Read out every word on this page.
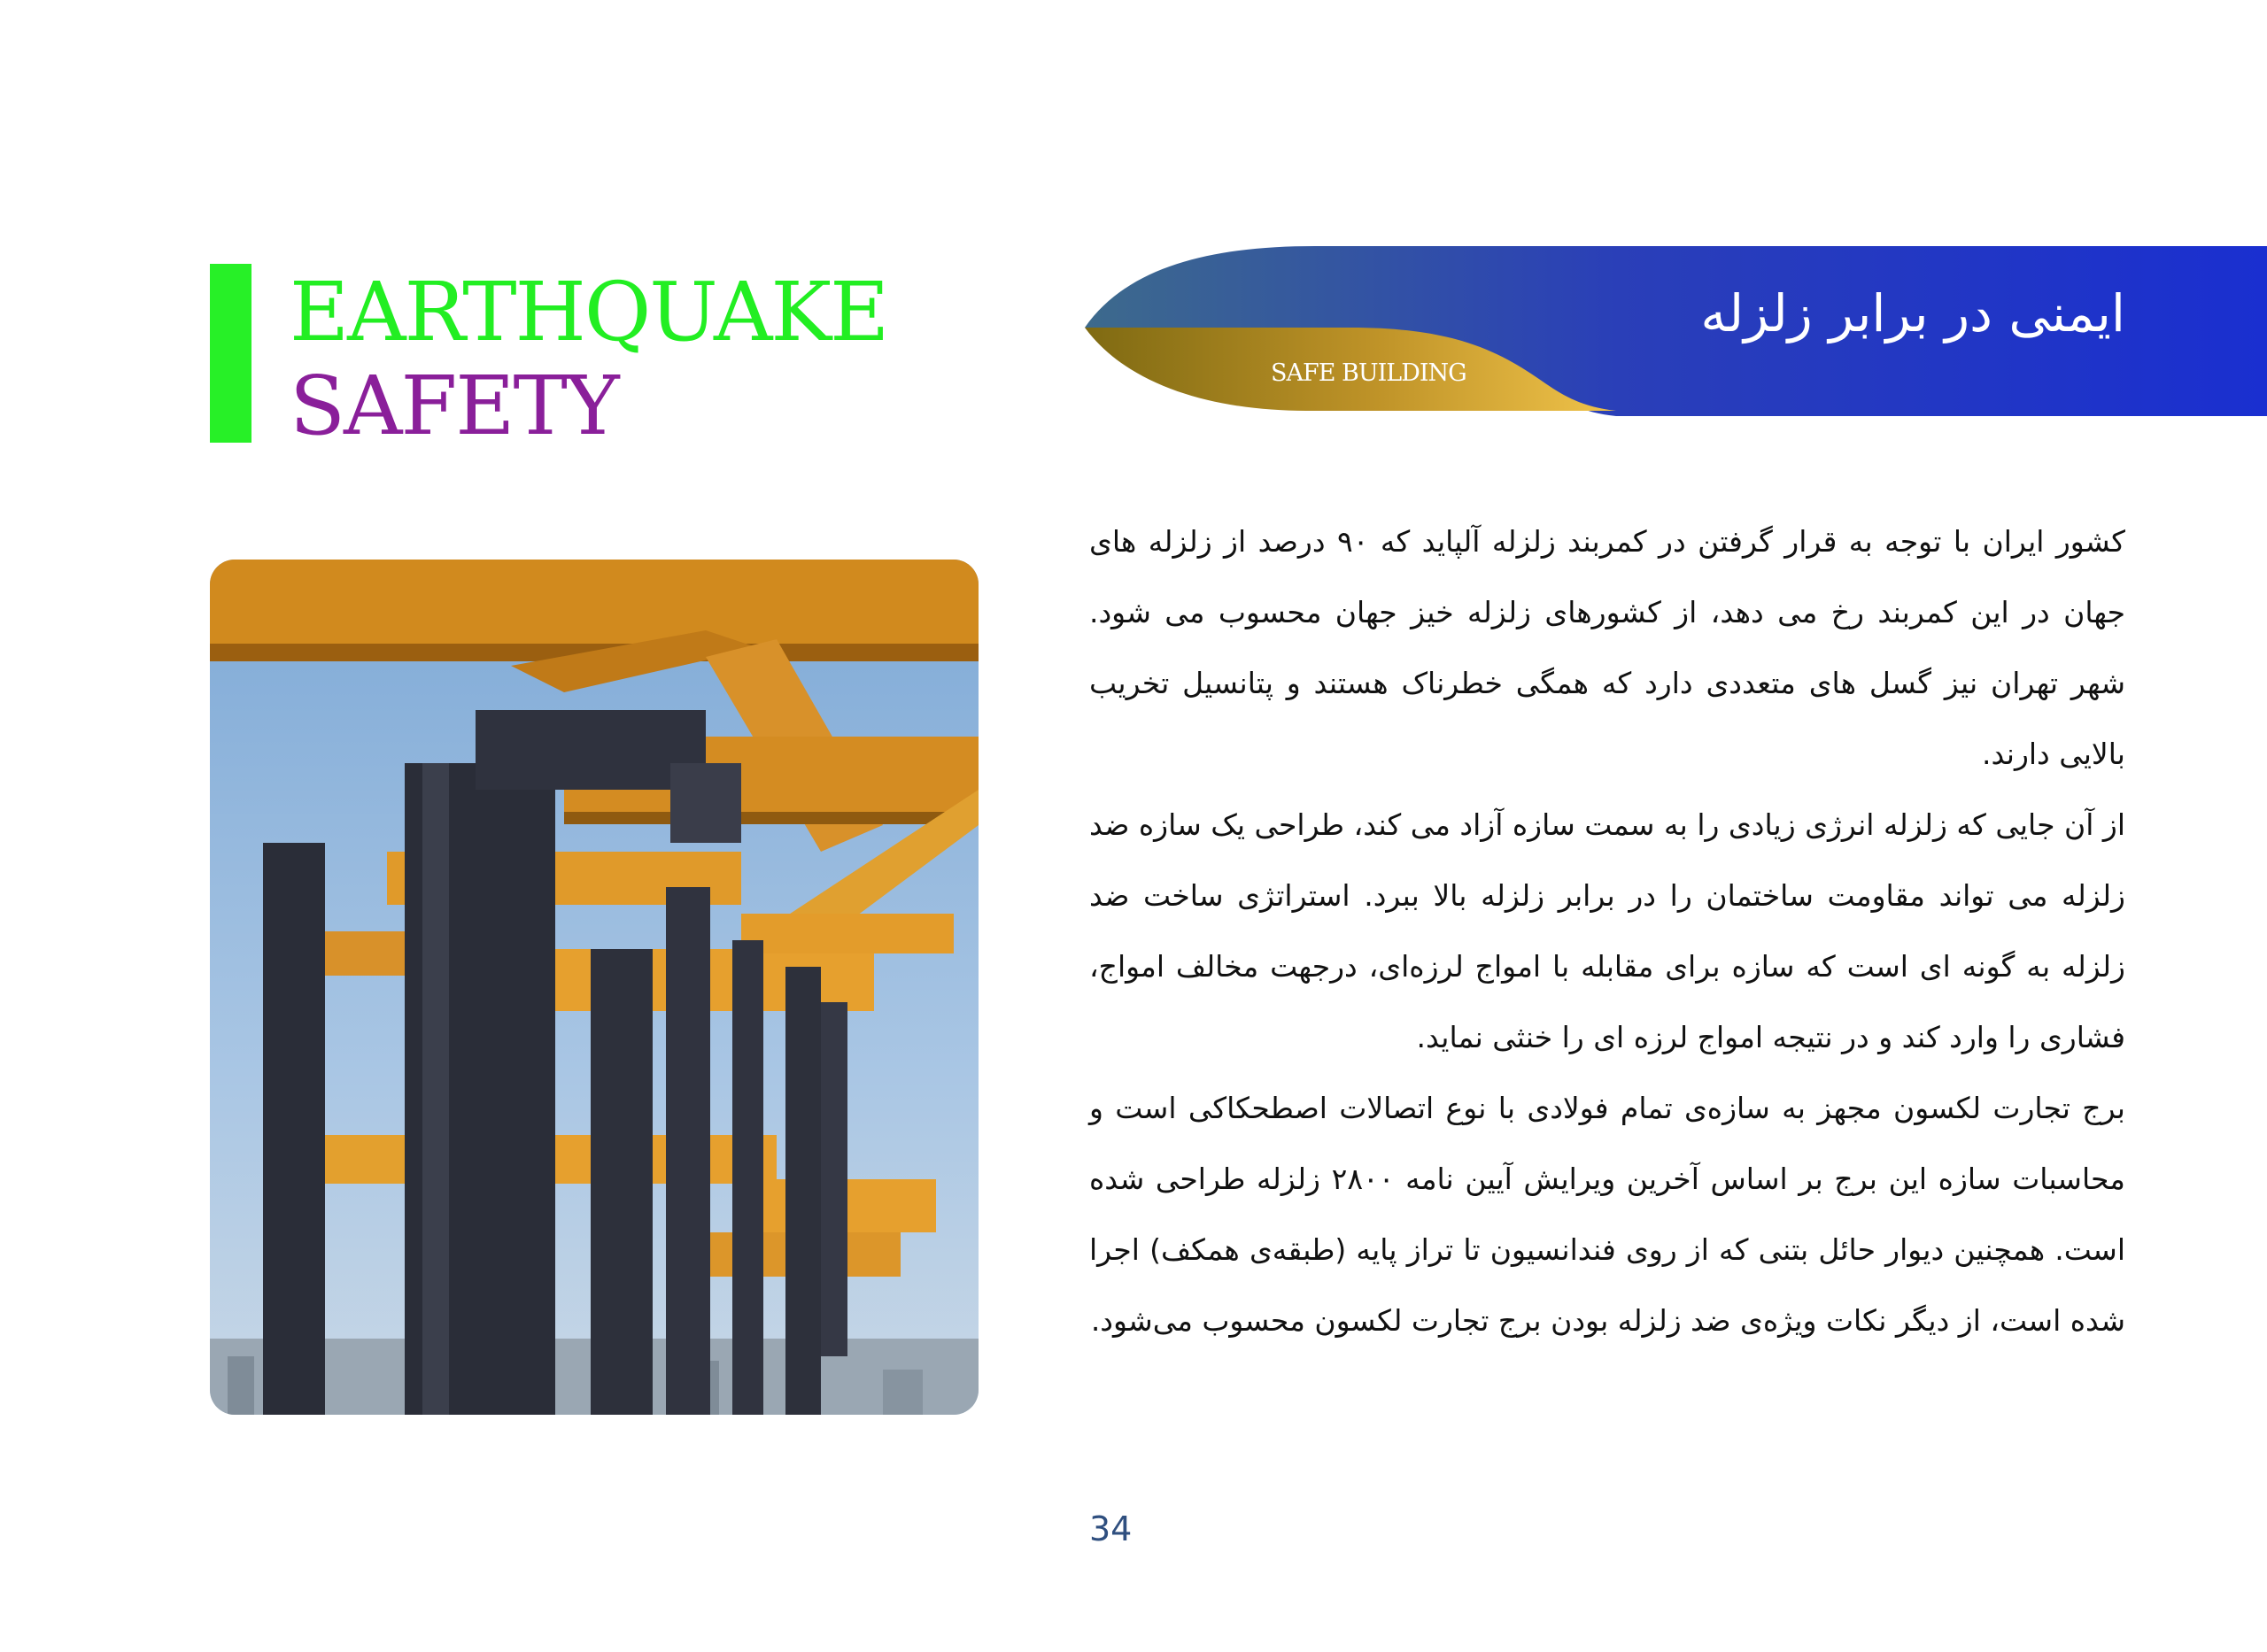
EARTHQUAKE
SAFETY
ایمنی در برابر زلزله
SAFE BUILDING

کشور ایران با توجه به قرار گرفتن در کمربند زلزله آلپاید که ۹۰ درصد از زلزله های جهان در این کمربند رخ می دهد، از کشورهای زلزله خیز جهان محسوب می شود. شهر تهران نیز گسل های متعددی دارد که همگی خطرناک هستند و پتانسیل تخریب بالایی دارند.

از آن جایی که زلزله انرژی زیادی را به سمت سازه آزاد می کند، طراحی یک سازه ضد زلزله می تواند مقاومت ساختمان را در برابر زلزله بالا ببرد. استراتژی ساخت ضد زلزله به گونه ای است که سازه برای مقابله با امواج لرزه‌ای، درجهت مخالف امواج، فشاری را وارد کند و در نتیجه امواج لرزه ای را خنثی نماید.

برج تجارت لکسون مجهز به سازه‌ی تمام فولادی با نوع اتصالات اصطحکاکی است و محاسبات سازه این برج بر اساس آخرین ویرایش آیین نامه ۲۸۰۰ زلزله طراحی شده است. همچنین دیوار حائل بتنی که از روی فندانسیون تا تراز پایه (طبقه‌ی همکف) اجرا شده است، از دیگر نکات ویژه‌ی ضد زلزله بودن برج تجارت لکسون محسوب می‌شود.

34
